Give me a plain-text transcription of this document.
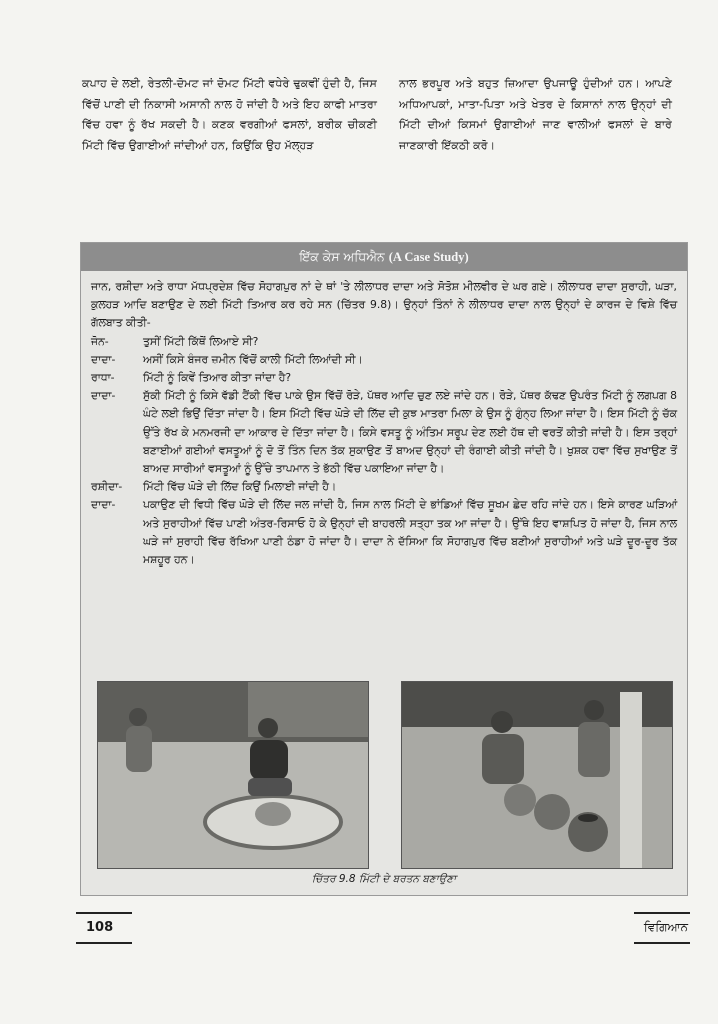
ਕਪਾਹ ਦੇ ਲਈ, ਰੇਤਲੀ-ਦੋਮਟ ਜਾਂ ਦੋਮਟ ਮਿੱਟੀ ਵਧੇਰੇ ਢੁਕਵੀਂ ਹੁੰਦੀ ਹੈ, ਜਿਸ ਵਿੱਚੋਂ ਪਾਣੀ ਦੀ ਨਿਕਾਸੀ ਅਸਾਨੀ ਨਾਲ ਹੋ ਜਾਂਦੀ ਹੈ ਅਤੇ ਇਹ ਕਾਫੀ ਮਾਤਰਾ ਵਿੱਚ ਹਵਾ ਨੂੰ ਰੱਖ ਸਕਦੀ ਹੈ। ਕਣਕ ਵਰਗੀਆਂ ਫਸਲਾਂ, ਬਰੀਕ ਚੀਕਣੀ ਮਿੱਟੀ ਵਿੱਚ ਉਗਾਈਆਂ ਜਾਂਦੀਆਂ ਹਨ, ਕਿਉਂਕਿ ਉਹ ਮੱਲ੍ਹੜ
ਨਾਲ ਭਰਪੂਰ ਅਤੇ ਬਹੁਤ ਜ਼ਿਆਦਾ ਉਪਜਾਊ ਹੁੰਦੀਆਂ ਹਨ। ਆਪਣੇ ਅਧਿਆਪਕਾਂ, ਮਾਤਾ-ਪਿਤਾ ਅਤੇ ਖੇਤਰ ਦੇ ਕਿਸਾਨਾਂ ਨਾਲ ਉਨ੍ਹਾਂ ਦੀ ਮਿੱਟੀ ਦੀਆਂ ਕਿਸਮਾਂ ਉਗਾਈਆਂ ਜਾਣ ਵਾਲੀਆਂ ਫਸਲਾਂ ਦੇ ਬਾਰੇ ਜਾਣਕਾਰੀ ਇੱਕਠੀ ਕਰੋ।
ਇੱਕ ਕੇਸ ਅਧਿਐਨ (A Case Study)
ਜਾਨ, ਰਸ਼ੀਦਾ ਅਤੇ ਰਾਧਾ ਮੱਧਪ੍ਰਦੇਸ਼ ਵਿੱਚ ਸੋਹਾਗਪੁਰ ਨਾਂ ਦੇ ਥਾਂ 'ਤੇ ਲੀਲਾਧਰ ਦਾਦਾ ਅਤੇ ਸੋਤੋਸ਼ ਮੀਲਵੀਰ ਦੇ ਘਰ ਗਏ। ਲੀਲਾਧਰ ਦਾਦਾ ਸੁਰਾਹੀ, ਘੜਾ, ਕੁਲਹੜ ਆਦਿ ਬਣਾਉਣ ਦੇ ਲਈ ਮਿੱਟੀ ਤਿਆਰ ਕਰ ਰਹੇ ਸਨ (ਚਿੱਤਰ 9.8)। ਉਨ੍ਹਾਂ ਤਿੰਨਾਂ ਨੇ ਲੀਲਾਧਰ ਦਾਦਾ ਨਾਲ ਉਨ੍ਹਾਂ ਦੇ ਕਾਰਜ ਦੇ ਵਿਸ਼ੇ ਵਿੱਚ ਗੱਲਬਾਤ ਕੀਤੀ-
ਜੋਨ-	ਤੁਸੀਂ ਮਿੱਟੀ ਕਿੱਥੋਂ ਲਿਆਏ ਸੀ?
ਦਾਦਾ-	ਅਸੀਂ ਕਿਸੇ ਬੰਜਰ ਜ਼ਮੀਨ ਵਿੱਚੋਂ ਕਾਲੀ ਮਿੱਟੀ ਲਿਆਂਦੀ ਸੀ।
ਰਾਧਾ-	ਮਿੱਟੀ ਨੂੰ ਕਿਵੇਂ ਤਿਆਰ ਕੀਤਾ ਜਾਂਦਾ ਹੈ?
ਦਾਦਾ-	ਸੁੱਕੀ ਮਿੱਟੀ ਨੂੰ ਕਿਸੇ ਵੱਡੀ ਟੈਂਕੀ ਵਿੱਚ ਪਾਕੇ ਉਸ ਵਿੱਚੋਂ ਰੋੜੇ, ਪੱਥਰ ਆਦਿ ਚੁਣ ਲਏ ਜਾਂਦੇ ਹਨ। ਰੋੜੇ, ਪੱਥਰ ਕੱਢਣ ਉਪਰੰਤ ਮਿੱਟੀ ਨੂੰ ਲਗਪਗ 8 ਘੰਟੇ ਲਈ ਭਿਉਂ ਦਿੱਤਾ ਜਾਂਦਾ ਹੈ। ਇਸ ਮਿੱਟੀ ਵਿੱਚ ਘੋੜੇ ਦੀ ਲਿੱਦ ਦੀ ਕੁਝ ਮਾਤਰਾ ਮਿਲਾ ਕੇ ਉਸ ਨੂੰ ਗੁੰਨ੍ਹ ਲਿਆ ਜਾਂਦਾ ਹੈ। ਇਸ ਮਿੱਟੀ ਨੂੰ ਚੱਕ ਉੱਤੇ ਰੱਖ ਕੇ ਮਨਮਰਜੀ ਦਾ ਆਕਾਰ ਦੇ ਦਿੱਤਾ ਜਾਂਦਾ ਹੈ। ਕਿਸੇ ਵਸਤੂ ਨੂੰ ਅੰਤਿਮ ਸਰੂਪ ਦੇਣ ਲਈ ਹੱਥ ਦੀ ਵਰਤੋਂ ਕੀਤੀ ਜਾਂਦੀ ਹੈ। ਇਸ ਤਰ੍ਹਾਂ ਬਣਾਈਆਂ ਗਈਆਂ ਵਸਤੂਆਂ ਨੂੰ ਦੋ ਤੋਂ ਤਿੰਨ ਦਿਨ ਤੱਕ ਸੁਕਾਉਣ ਤੋਂ ਬਾਅਦ ਉਨ੍ਹਾਂ ਦੀ ਰੰਗਾਈ ਕੀਤੀ ਜਾਂਦੀ ਹੈ। ਖੁਸ਼ਕ ਹਵਾ ਵਿੱਚ ਸੁਖਾਉਣ ਤੋਂ ਬਾਅਦ ਸਾਰੀਆਂ ਵਸਤੂਆਂ ਨੂੰ ਉੱਚੇ ਤਾਪਮਾਨ ਤੇ ਭੱਠੀ ਵਿੱਚ ਪਕਾਇਆ ਜਾਂਦਾ ਹੈ।
ਰਸ਼ੀਦਾ-	ਮਿੱਟੀ ਵਿੱਚ ਘੋੜੇ ਦੀ ਲਿੱਦ ਕਿਉਂ ਮਿਲਾਈ ਜਾਂਦੀ ਹੈ।
ਦਾਦਾ-	ਪਕਾਉਣ ਦੀ ਵਿਧੀ ਵਿੱਚ ਘੋੜੇ ਦੀ ਲਿੱਦ ਜਲ ਜਾਂਦੀ ਹੈ, ਜਿਸ ਨਾਲ ਮਿੱਟੀ ਦੇ ਭਾਂਡਿਆਂ ਵਿੱਚ ਸੂਖਮ ਛੇਦ ਰਹਿ ਜਾਂਦੇ ਹਨ। ਇਸੇ ਕਾਰਣ ਘੜਿਆਂ ਅਤੇ ਸੁਰਾਹੀਆਂ ਵਿੱਚ ਪਾਣੀ ਅੰਤਰ-ਰਿਸਾਓ ਹੋ ਕੇ ਉਨ੍ਹਾਂ ਦੀ ਬਾਹਰਲੀ ਸਤ੍ਹਾ ਤਕ ਆ ਜਾਂਦਾ ਹੈ। ਉੱਥੇ ਇਹ ਵਾਸ਼ਪਿਤ ਹੋ ਜਾਂਦਾ ਹੈ, ਜਿਸ ਨਾਲ ਘੜੇ ਜਾਂ ਸੁਰਾਹੀ ਵਿੱਚ ਰੱਖਿਆ ਪਾਣੀ ਠੰਡਾ ਹੋ ਜਾਂਦਾ ਹੈ। ਦਾਦਾ ਨੇ ਦੱਸਿਆ ਕਿ ਸੋਹਾਗਪੁਰ ਵਿੱਚ ਬਣੀਆਂ ਸੁਰਾਹੀਆਂ ਅਤੇ ਘੜੇ ਦੂਰ-ਦੂਰ ਤੱਕ ਮਸ਼ਹੂਰ ਹਨ।
ਚਿੱਤਰ 9.8 ਮਿੱਟੀ ਦੇ ਬਰਤਨ ਬਣਾਉਣਾ
108	ਵਿਗਿਆਨ
